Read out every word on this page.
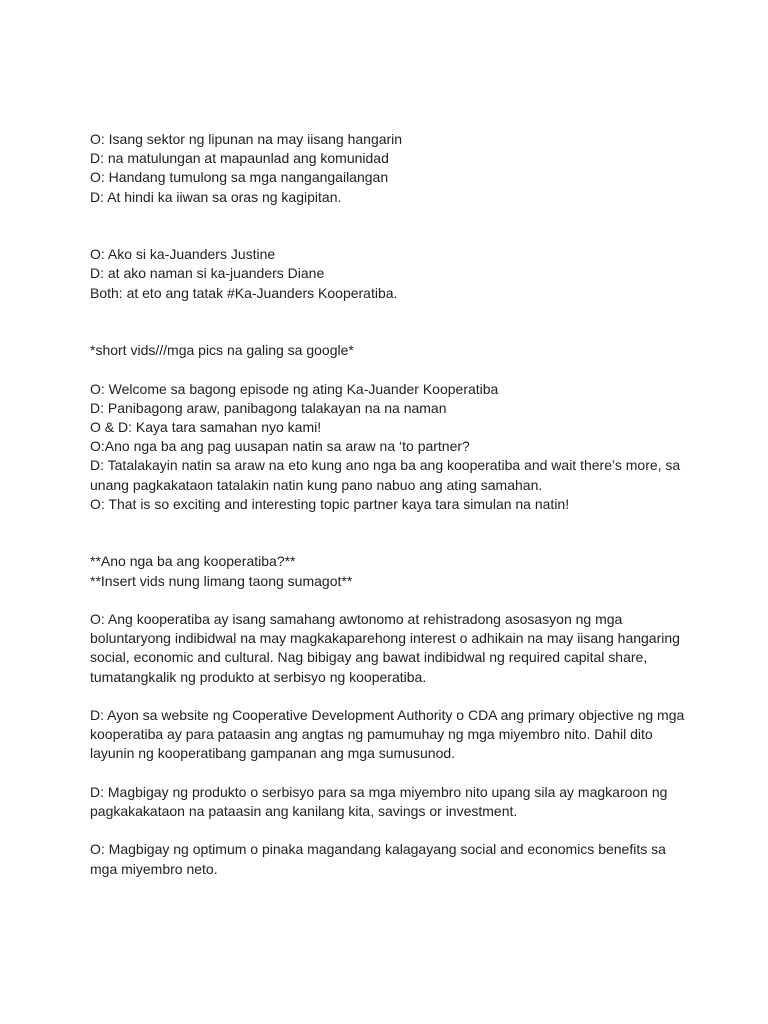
O: Isang sektor ng lipunan na may iisang hangarin
D: na matulungan at mapaunlad ang komunidad
O: Handang tumulong sa mga nangangailangan
D: At hindi ka iiwan sa oras ng kagipitan.
O: Ako si ka-Juanders Justine
D: at ako naman si ka-juanders Diane
Both: at eto ang tatak #Ka-Juanders Kooperatiba.
*short vids///mga pics na galing sa google*
O: Welcome sa bagong episode ng ating Ka-Juander Kooperatiba
D: Panibagong araw, panibagong talakayan na na naman
O & D: Kaya tara samahan nyo kami!
O:Ano nga ba ang pag uusapan natin sa araw na ‘to partner?
D: Tatalakayin natin sa araw na eto kung ano nga ba ang kooperatiba and wait there’s more, sa
unang pagkakataon tatalakin natin kung pano nabuo ang ating samahan.
O: That is so exciting and interesting topic partner kaya tara simulan na natin!
**Ano nga ba ang kooperatiba?**
**Insert vids nung limang taong sumagot**
O: Ang kooperatiba ay isang samahang awtonomo at rehistradong asosasyon ng mga
boluntaryong indibidwal na may magkakaparehong interest o adhikain na may iisang hangaring
social, economic and cultural. Nag bibigay ang bawat indibidwal ng required capital share,
tumatangkalik ng produkto at serbisyo ng kooperatiba.
D: Ayon sa website ng Cooperative Development Authority o CDA ang primary objective ng mga
kooperatiba ay para pataasin ang angtas ng pamumuhay ng mga miyembro nito. Dahil dito
layunin ng kooperatibang gampanan ang mga sumusunod.
D: Magbigay ng produkto o serbisyo para sa mga miyembro nito upang sila ay magkaroon ng
pagkakakataon na pataasin ang kanilang kita, savings or investment.
O: Magbigay ng optimum o pinaka magandang kalagayang social and economics benefits sa
mga miyembro neto.
